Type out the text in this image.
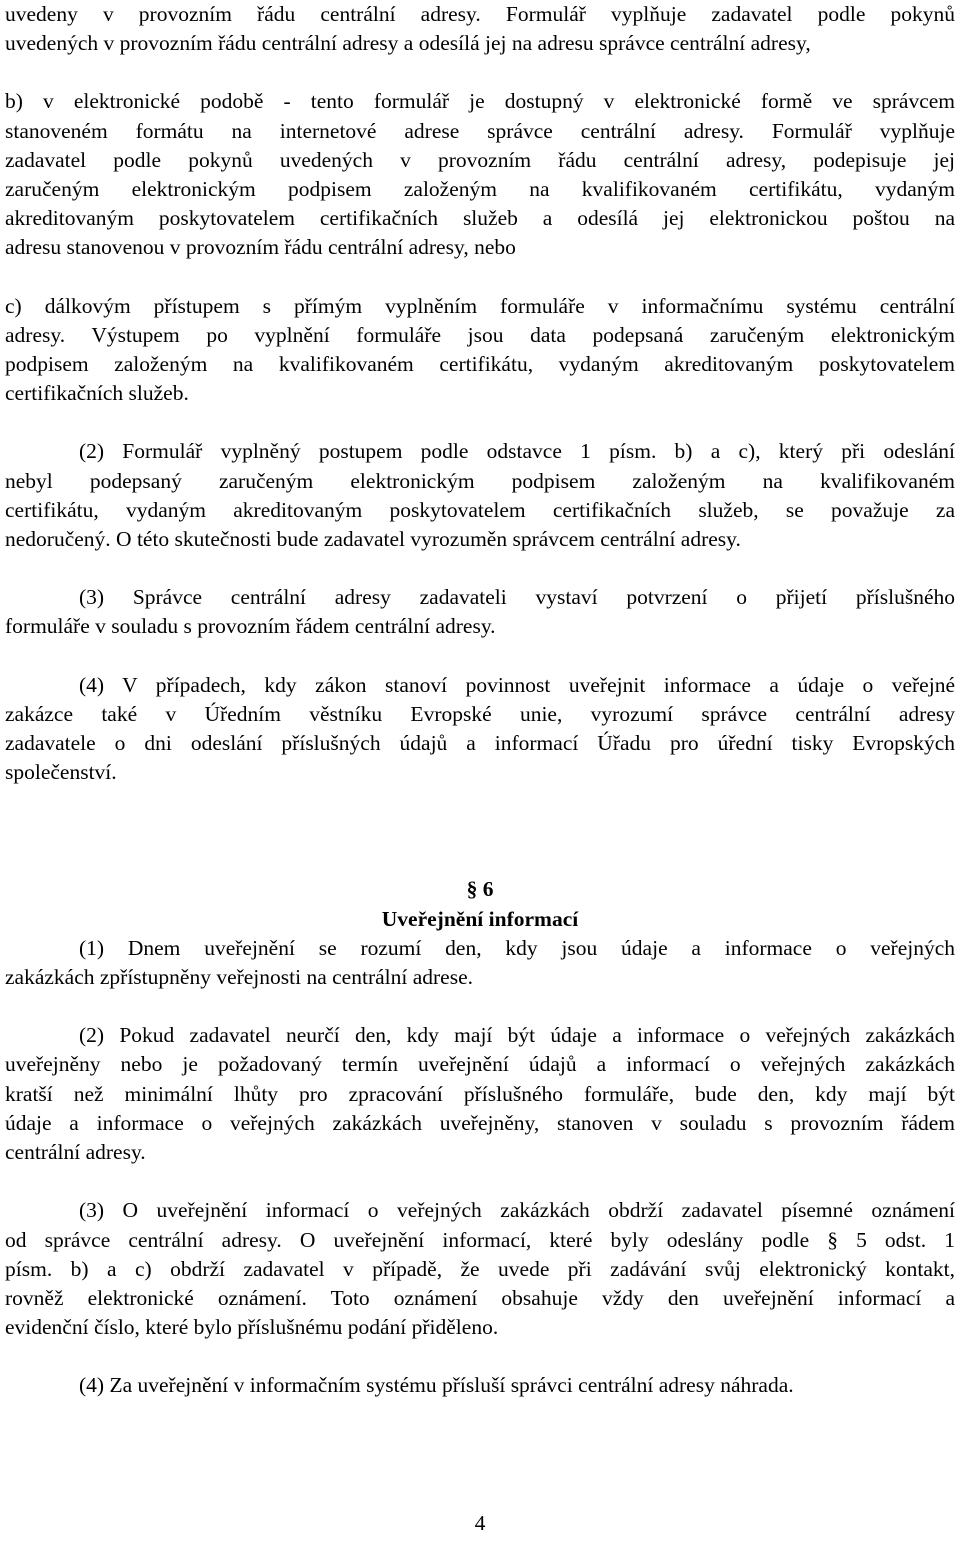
uvedeny v provozním řádu centrální adresy. Formulář vyplňuje zadavatel podle pokynů
uvedených v provozním řádu centrální adresy a odesílá jej na adresu správce centrální adresy,

b) v elektronické podobě - tento formulář je dostupný v elektronické formě ve správcem
stanoveném formátu na internetové adrese správce centrální adresy. Formulář vyplňuje
zadavatel podle pokynů uvedených v provozním řádu centrální adresy, podepisuje jej
zaručeným elektronickým podpisem založeným na kvalifikovaném certifikátu, vydaným
akreditovaným poskytovatelem certifikačních služeb a odesílá jej elektronickou poštou na
adresu stanovenou v provozním řádu centrální adresy, nebo

c) dálkovým přístupem s přímým vyplněním formuláře v informačnímu systému centrální
adresy. Výstupem po vyplnění formuláře jsou data podepsaná zaručeným elektronickým
podpisem založeným na kvalifikovaném certifikátu, vydaným akreditovaným poskytovatelem
certifikačních služeb.

(2) Formulář vyplněný postupem podle odstavce 1 písm. b) a c), který při odeslání
nebyl podepsaný zaručeným elektronickým podpisem založeným na kvalifikovaném
certifikátu, vydaným akreditovaným poskytovatelem certifikačních služeb, se považuje za
nedoručený. O této skutečnosti bude zadavatel vyrozuměn správcem centrální adresy.

(3) Správce centrální adresy zadavateli vystaví potvrzení o přijetí příslušného
formuláře v souladu s provozním řádem centrální adresy.

(4) V případech, kdy zákon stanoví povinnost uveřejnit informace a údaje o veřejné
zakázce také v Úředním věstníku Evropské unie, vyrozumí správce centrální adresy
zadavatele o dni odeslání příslušných údajů a informací Úřadu pro úřední tisky Evropských
společenství.

§ 6
Uveřejnění informací

(1) Dnem uveřejnění se rozumí den, kdy jsou údaje a informace o veřejných
zakázkách zpřístupněny veřejnosti na centrální adrese.

(2) Pokud zadavatel neurčí den, kdy mají být údaje a informace o veřejných zakázkách
uveřejněny nebo je požadovaný termín uveřejnění údajů a informací o veřejných zakázkách
kratší než minimální lhůty pro zpracování příslušného formuláře, bude den, kdy mají být
údaje a informace o veřejných zakázkách uveřejněny, stanoven v souladu s provozním řádem
centrální adresy.

(3) O uveřejnění informací o veřejných zakázkách obdrží zadavatel písemné oznámení
od správce centrální adresy. O uveřejnění informací, které byly odeslány podle § 5 odst. 1
písm. b) a c) obdrží zadavatel v případě, že uvede při zadávání svůj elektronický kontakt,
rovněž elektronické oznámení. Toto oznámení obsahuje vždy den uveřejnění informací a
evidenční číslo, které bylo příslušnému podání přiděleno.

(4) Za uveřejnění v informačním systému přísluší správci centrální adresy náhrada.

4
